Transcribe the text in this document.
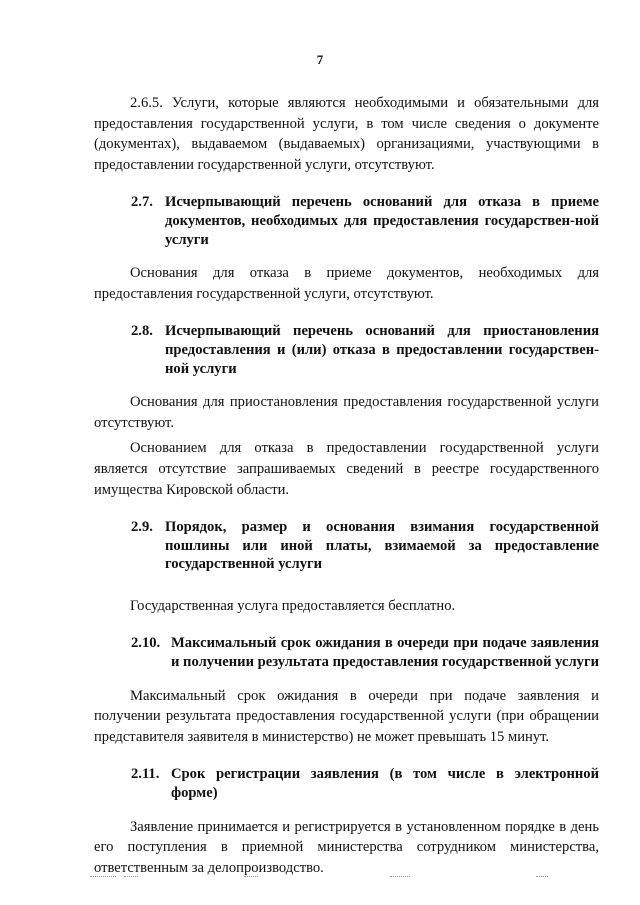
7

2.6.5. Услуги, которые являются необходимыми и обязательными для предоставления государственной услуги, в том числе сведения о документе (документах), выдаваемом (выдаваемых) организациями, участвующими в предоставлении государственной услуги, отсутствуют.

2.7. Исчерпывающий перечень оснований для отказа в приеме документов, необходимых для предоставления государствен-ной услуги

Основания для отказа в приеме документов, необходимых для предоставления государственной услуги, отсутствуют.

2.8. Исчерпывающий перечень оснований для приостановления предоставления и (или) отказа в предоставлении государствен-ной услуги

Основания для приостановления предоставления государственной услуги отсутствуют.

Основанием для отказа в предоставлении государственной услуги является отсутствие запрашиваемых сведений в реестре государственного имущества Кировской области.

2.9. Порядок, размер и основания взимания государственной пошлины или иной платы, взимаемой за предоставление государственной услуги

Государственная услуга предоставляется бесплатно.

2.10. Максимальный срок ожидания в очереди при подаче заявления и получении результата предоставления государственной услуги

Максимальный срок ожидания в очереди при подаче заявления и получении результата предоставления государственной услуги (при обращении представителя заявителя в министерство) не может превышать 15 минут.

2.11. Срок регистрации заявления (в том числе в электронной форме)

Заявление принимается и регистрируется в установленном порядке в день его поступления в приемной министерства сотрудником министерства, ответственным за делопроизводство.
